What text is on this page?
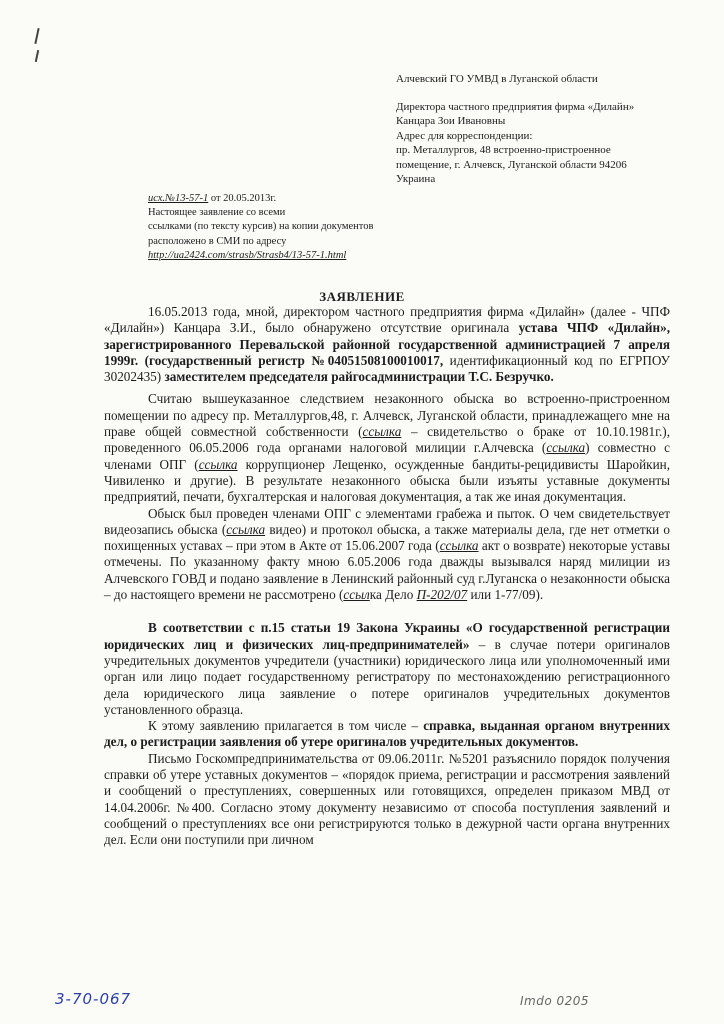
Алчевский ГО УМВД в Луганской области
Директора частного предприятия фирма «Дилайн»
Канцара Зои Ивановны
Адрес для корреспонденции:
пр. Металлургов, 48 встроенно-пристроенное
помещение, г. Алчевск, Луганской области 94206
Украина
исх.№13-57-1 от 20.05.2013г.
Настоящее заявление со всеми
ссылками (по тексту курсив) на копии документов
расположено в СМИ по адресу
http://ua2424.com/strasb/Strasb4/13-57-1.html
ЗАЯВЛЕНИЕ

16.05.2013 года, мной, директором частного предприятия фирма «Дилайн» (далее - ЧПФ «Дилайн») Канцара З.И., было обнаружено отсутствие оригинала устава ЧПФ «Дилайн», зарегистрированного Перевальской районной государственной администрацией 7 апреля 1999г. (государственный регистр №04051508100010017, идентификационный код по ЕГРПОУ 30202435) заместителем председателя райгосадминистрации Т.С. Безручко.

Считаю вышеуказанное следствием незаконного обыска во встроенно-пристроенном помещении по адресу пр. Металлургов,48, г. Алчевск, Луганской области, принадлежащего мне на праве общей совместной собственности (ссылка – свидетельство о браке от 10.10.1981г.), проведенного 06.05.2006 года органами налоговой милиции г.Алчевска (ссылка) совместно с членами ОПГ (ссылка коррупционер Лещенко, осужденные бандиты-рецидивисты Шаройкин, Чивиленко и другие). В результате незаконного обыска были изъяты уставные документы предприятий, печати, бухгалтерская и налоговая документация, а так же иная документация.

Обыск был проведен членами ОПГ с элементами грабежа и пыток. О чем свидетельствует видеозапись обыска (ссылка видео) и протокол обыска, а также материалы дела, где нет отметки о похищенных уставах – при этом в Акте от 15.06.2007 года (ссылка акт о возврате) некоторые уставы отмечены. По указанному факту мною 6.05.2006 года дважды вызывался наряд милиции из Алчевского ГОВД и подано заявление в Ленинский районный суд г.Луганска о незаконности обыска – до настоящего времени не рассмотрено (ссылка Дело П-202/07 или 1-77/09).

В соответствии с п.15 статьи 19 Закона Украины «О государственной регистрации юридических лиц и физических лиц-предпринимателей» – в случае потери оригиналов учредительных документов учредители (участники) юридического лица или уполномоченный ими орган или лицо подает государственному регистратору по местонахождению регистрационного дела юридического лица заявление о потере оригиналов учредительных документов установленного образца.

К этому заявлению прилагается в том числе – справка, выданная органом внутренних дел, о регистрации заявления об утере оригиналов учредительных документов.

Письмо Госкомпредпринимательства от 09.06.2011г. №5201 разъяснило порядок получения справки об утере уставных документов – «порядок приема, регистрации и рассмотрения заявлений и сообщений о преступлениях, совершенных или готовящихся, определен приказом МВД от 14.04.2006г. №400. Согласно этому документу независимо от способа поступления заявлений и сообщений о преступлениях все они регистрируются только в дежурной части органа внутренних дел. Если они поступили при личном

3-70-067	Imdo 0205
